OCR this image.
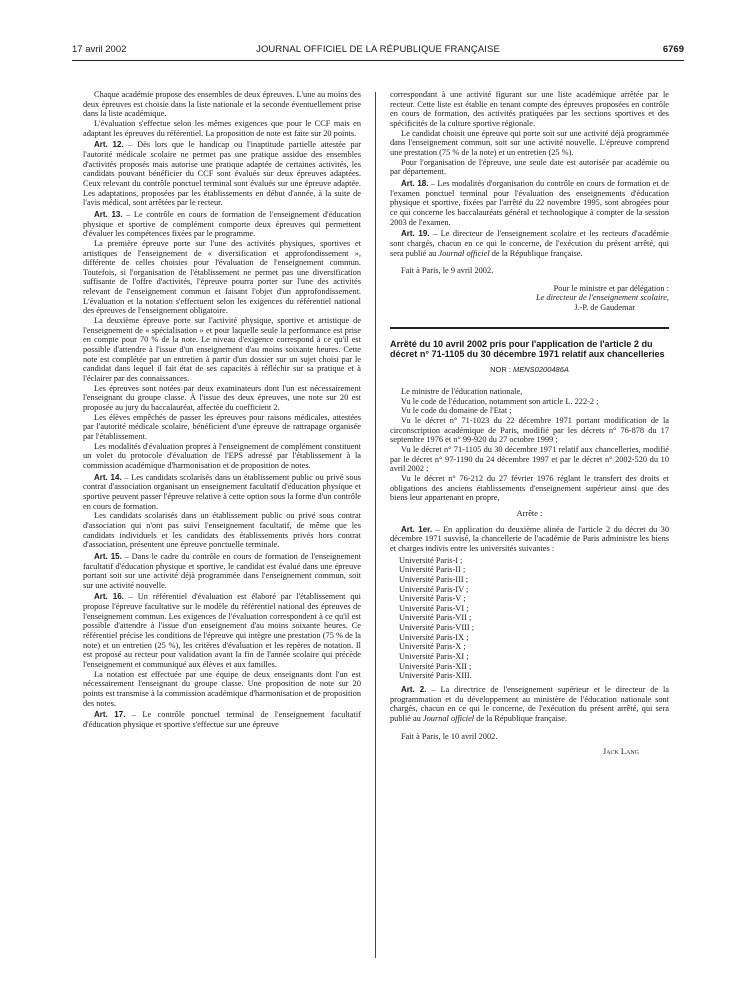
17 avril 2002	JOURNAL OFFICIEL DE LA RÉPUBLIQUE FRANÇAISE	6769

Chaque académie propose des ensembles de deux épreuves. L'une au moins des deux épreuves est choisie dans la liste nationale et la seconde éventuellement prise dans la liste académique.

L'évaluation s'effectue selon les mêmes exigences que pour le CCF mais en adaptant les épreuves du référentiel. La proposition de note est faite sur 20 points.

Art. 12. – Dès lors que le handicap ou l'inaptitude partielle attestée par l'autorité médicale scolaire ne permet pas une pratique assidue des ensembles d'activités proposés mais autorise une pratique adaptée de certaines activités, les candidats pouvant bénéficier du CCF sont évalués sur deux épreuves adaptées. Ceux relevant du contrôle ponctuel terminal sont évalués sur une épreuve adaptée. Les adaptations, proposées par les établissements en début d'année, à la suite de l'avis médical, sont arrêtées par le recteur.

Art. 13. – Le contrôle en cours de formation de l'enseignement d'éducation physique et sportive de complément comporte deux épreuves qui permettent d'évaluer les compétences fixées par le programme.

La première épreuve porte sur l'une des activités physiques, sportives et artistiques de l'enseignement de « diversification et approfondissement », différente de celles choisies pour l'évaluation de l'enseignement commun. Toutefois, si l'organisation de l'établissement ne permet pas une diversification suffisante de l'offre d'activités, l'épreuve pourra porter sur l'une des activités relevant de l'enseignement commun et faisant l'objet d'un approfondissement. L'évaluation et la notation s'effectuent selon les exigences du référentiel national des épreuves de l'enseignement obligatoire.

La deuxième épreuve porte sur l'activité physique, sportive et artistique de l'enseignement de « spécialisation » et pour laquelle seule la performance est prise en compte pour 70 % de la note. Le niveau d'exigence correspond à ce qu'il est possible d'attendre à l'issue d'un enseignement d'au moins soixante heures. Cette note est complétée par un entretien à partir d'un dossier sur un sujet choisi par le candidat dans lequel il fait état de ses capacités à réfléchir sur sa pratique et à l'éclairer par des connaissances.

Les épreuves sont notées par deux examinateurs dont l'un est nécessairement l'enseignant du groupe classe. À l'issue des deux épreuves, une note sur 20 est proposée au jury du baccalauréat, affectée du coefficient 2.

Les élèves empêchés de passer les épreuves pour raisons médicales, attestées par l'autorité médicale scolaire, bénéficient d'une épreuve de rattrapage organisée par l'établissement.

Les modalités d'évaluation propres à l'enseignement de complément constituent un volet du protocole d'évaluation de l'EPS adressé par l'établissement à la commission académique d'harmonisation et de proposition de notes.

Art. 14. – Les candidats scolarisés dans un établissement public ou privé sous contrat d'association organisant un enseignement facultatif d'éducation physique et sportive peuvent passer l'épreuve relative à cette option sous la forme d'un contrôle en cours de formation.

Les candidats scolarisés dans un établissement public ou privé sous contrat d'association qui n'ont pas suivi l'enseignement facultatif, de même que les candidats individuels et les candidats des établissements privés hors contrat d'association, présentent une épreuve ponctuelle terminale.

Art. 15. – Dans le cadre du contrôle en cours de formation de l'enseignement facultatif d'éducation physique et sportive, le candidat est évalué dans une épreuve portant soit sur une activité déjà programmée dans l'enseignement commun, soit sur une activité nouvelle.

Art. 16. – Un référentiel d'évaluation est élaboré par l'établissement qui propose l'épreuve facultative sur le modèle du référentiel national des épreuves de l'enseignement commun. Les exigences de l'évaluation correspondent à ce qu'il est possible d'attendre à l'issue d'un enseignement d'au moins soixante heures. Ce référentiel précise les conditions de l'épreuve qui intègre une prestation (75 % de la note) et un entretien (25 %), les critères d'évaluation et les repères de notation. Il est proposé au recteur pour validation avant la fin de l'année scolaire qui précède l'enseignement et communiqué aux élèves et aux familles.

La notation est effectuée par une équipe de deux enseignants dont l'un est nécessairement l'enseignant du groupe classe. Une proposition de note sur 20 points est transmise à la commission académique d'harmonisation et de proposition des notes.

Art. 17. – Le contrôle ponctuel terminal de l'enseignement facultatif d'éducation physique et sportive s'effectue sur une épreuve

correspondant à une activité figurant sur une liste académique arrêtée par le recteur. Cette liste est établie en tenant compte des épreuves proposées en contrôle en cours de formation, des activités pratiquées par les sections sportives et des spécificités de la culture sportive régionale.

Le candidat choisit une épreuve qui porte soit sur une activité déjà programmée dans l'enseignement commun, soit sur une activité nouvelle. L'épreuve comprend une prestation (75 % de la note) et un entretien (25 %).

Pour l'organisation de l'épreuve, une seule date est autorisée par académie ou par département.

Art. 18. – Les modalités d'organisation du contrôle en cours de formation et de l'examen ponctuel terminal pour l'évaluation des enseignements d'éducation physique et sportive, fixées par l'arrêté du 22 novembre 1995, sont abrogées pour ce qui concerne les baccalauréats général et technologique à compter de la session 2003 de l'examen.

Art. 19. – Le directeur de l'enseignement scolaire et les recteurs d'académie sont chargés, chacun en ce qui le concerne, de l'exécution du présent arrêté, qui sera publié au Journal officiel de la République française.

Fait à Paris, le 9 avril 2002.

Pour le ministre et par délégation :

Le directeur de l'enseignement scolaire,

J.-P. de Gaudemar

Arrêté du 10 avril 2002 pris pour l'application de l'article 2 du décret n° 71-1105 du 30 décembre 1971 relatif aux chancelleries

NOR : MENS0200486A

Le ministre de l'éducation nationale,

Vu le code de l'éducation, notamment son article L. 222-2 ;

Vu le code du domaine de l'Etat ;

Vu le décret n° 71-1023 du 22 décembre 1971 portant modification de la circonscription académique de Paris, modifié par les décrets n° 76-878 du 17 septembre 1976 et n° 99-920 du 27 octobre 1999 ;

Vu le décret n° 71-1105 du 30 décembre 1971 relatif aux chancelleries, modifié par le décret n° 97-1190 du 24 décembre 1997 et par le décret n° 2002-520 du 10 avril 2002 ;

Vu le décret n° 76-212 du 27 février 1976 réglant le transfert des droits et obligations des anciens établissements d'enseignement supérieur ainsi que des biens leur appartenant en propre,

Arrête :

Art. 1er. – En application du deuxième alinéa de l'article 2 du décret du 30 décembre 1971 susvisé, la chancellerie de l'académie de Paris administre les biens et charges indivis entre les universités suivantes :

Université Paris-I ;
Université Paris-II ;
Université Paris-III ;
Université Paris-IV ;
Université Paris-V ;
Université Paris-VI ;
Université Paris-VII ;
Université Paris-VIII ;
Université Paris-IX ;
Université Paris-X ;
Université Paris-XI ;
Université Paris-XII ;
Université Paris-XIII.

Art. 2. – La directrice de l'enseignement supérieur et le directeur de la programmation et du développement au ministère de l'éducation nationale sont chargés, chacun en ce qui le concerne, de l'exécution du présent arrêté, qui sera publié au Journal officiel de la République française.

Fait à Paris, le 10 avril 2002.

Jack Lang
